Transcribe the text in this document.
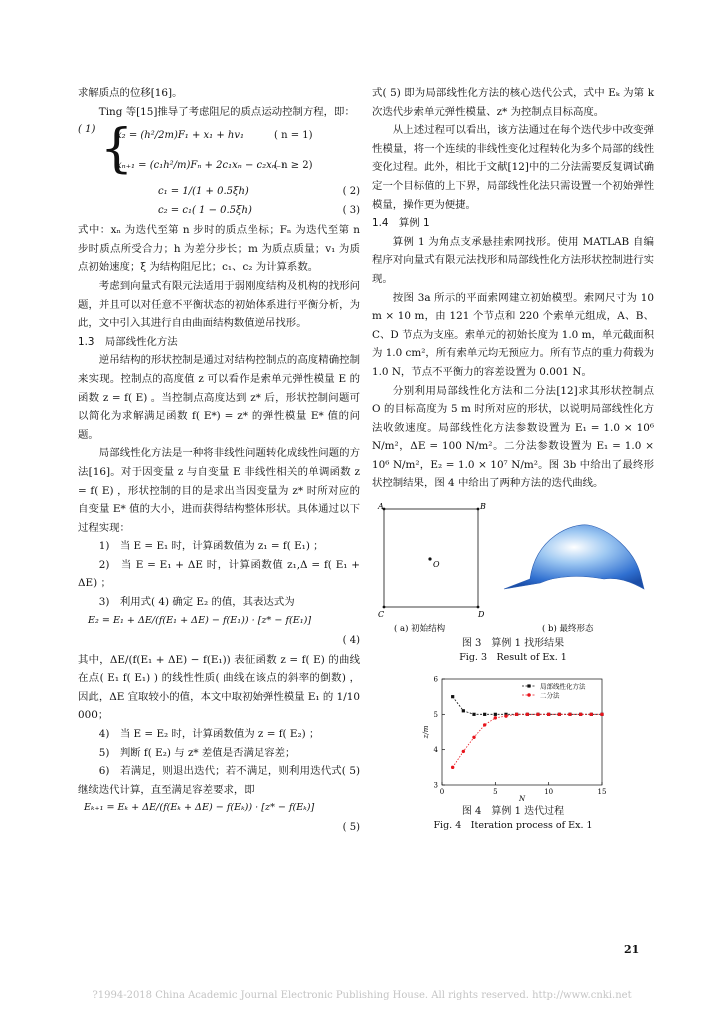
求解质点的位移[16]。

Ting 等[15]推导了考虑阻尼的质点运动控制方程，即：

{
x₂ = (h²/2m)F₁ + x₁ + hv₁	( n = 1)
xₙ₊₁ = (c₁h²/m)Fₙ + 2c₁xₙ − c₂xₙ₋₁
( n ≥ 2)
( 1)
c₁ = 1/(1 + 0.5ξh)	( 2)
c₂ = c₁( 1 − 0.5ξh)	( 3)

式中：xₙ 为迭代至第 n 步时的质点坐标；Fₙ 为迭代至第 n 步时质点所受合力；h 为差分步长；m 为质点质量；v₁ 为质点初始速度；ξ 为结构阻尼比；c₁、c₂ 为计算系数。

考虑到向量式有限元法适用于弱刚度结构及机构的找形问题，并且可以对任意不平衡状态的初始体系进行平衡分析，为此，文中引入其进行自由曲面结构数值逆吊找形。

1.3　局部线性化方法

逆吊结构的形状控制是通过对结构控制点的高度精确控制来实现。控制点的高度值 z 可以看作是索单元弹性模量 E 的函数 z = f( E) 。当控制点高度达到 z* 后，形状控制问题可以简化为求解满足函数 f( E*) = z* 的弹性模量 E* 值的问题。

局部线性化方法是一种将非线性问题转化成线性问题的方法[16]。对于因变量 z 与自变量 E 非线性相关的单调函数 z = f( E) ，形状控制的目的是求出当因变量为 z* 时所对应的自变量 E* 值的大小，进而获得结构整体形状。具体通过以下过程实现：

1)　当 E = E₁ 时，计算函数值为 z₁ = f( E₁) ；

2)　当 E = E₁ + ΔE 时，计算函数值 z₁,Δ = f( E₁ + ΔE) ；

3)　利用式( 4) 确定 E₂ 的值，其表达式为

E₂ = E₁ + ΔE/(f(E₁ + ΔE) − f(E₁)) · [z* − f(E₁)]
( 4)

其中，ΔE/(f(E₁ + ΔE) − f(E₁)) 表征函数 z = f( E) 的曲线在点( E₁ f( E₁) ) 的线性性质( 曲线在该点的斜率的倒数) ，因此，ΔE 宜取较小的值，本文中取初始弹性模量 E₁ 的 1/10 000；

4)　当 E = E₂ 时，计算函数值为 z = f( E₂) ；

5)　判断 f( E₂) 与 z* 差值是否满足容差；

6)　若满足，则退出迭代；若不满足，则利用迭代式( 5) 继续迭代计算，直至满足容差要求，即

Eₖ₊₁ = Eₖ + ΔE/(f(Eₖ + ΔE) − f(Eₖ)) · [z* − f(Eₖ)]
( 5)

式( 5) 即为局部线性化方法的核心迭代公式，式中 Eₖ 为第 k 次迭代步索单元弹性模量、z* 为控制点目标高度。

从上述过程可以看出，该方法通过在每个迭代步中改变弹性模量，将一个连续的非线性变化过程转化为多个局部的线性变化过程。此外，相比于文献[12]中的二分法需要反复调试确定一个目标值的上下界，局部线性化法只需设置一个初始弹性模量，操作更为便捷。

1.4　算例 1

算例 1 为角点支承悬挂索网找形。使用 MATLAB 自编程序对向量式有限元法找形和局部线性化方法形状控制进行实现。

按图 3a 所示的平面索网建立初始模型。索网尺寸为 10 m × 10 m，由 121 个节点和 220 个索单元组成，A、B、C、D 节点为支座。索单元的初始长度为 1.0 m，单元截面积为 1.0 cm²，所有索单元均无预应力。所有节点的重力荷载为 1.0 N，节点不平衡力的容差设置为 0.001 N。

分别利用局部线性化方法和二分法[12]求其形状控制点 O 的目标高度为 5 m 时所对应的形状，以说明局部线性化方法收敛速度。局部线性化方法参数设置为 E₁ = 1.0 × 10⁶ N/m²，ΔE = 100 N/m²。二分法参数设置为 E₁ = 1.0 × 10⁶ N/m²，E₂ = 1.0 × 10⁷ N/m²。图 3b 中给出了最终形状控制结果，图 4 中给出了两种方法的迭代曲线。

A	B
C	D
O
( a) 初始结构	( b) 最终形态
图 3　算例 1 找形结果
Fig. 3　Result of Ex. 1
0	5	10	15
3
4
5
6
N
z/m
局部线性化方法
二分法
图 4　算例 1 迭代过程
Fig. 4　Iteration process of Ex. 1
21
?1994-2018 China Academic Journal Electronic Publishing House. All rights reserved. http://www.cnki.net
